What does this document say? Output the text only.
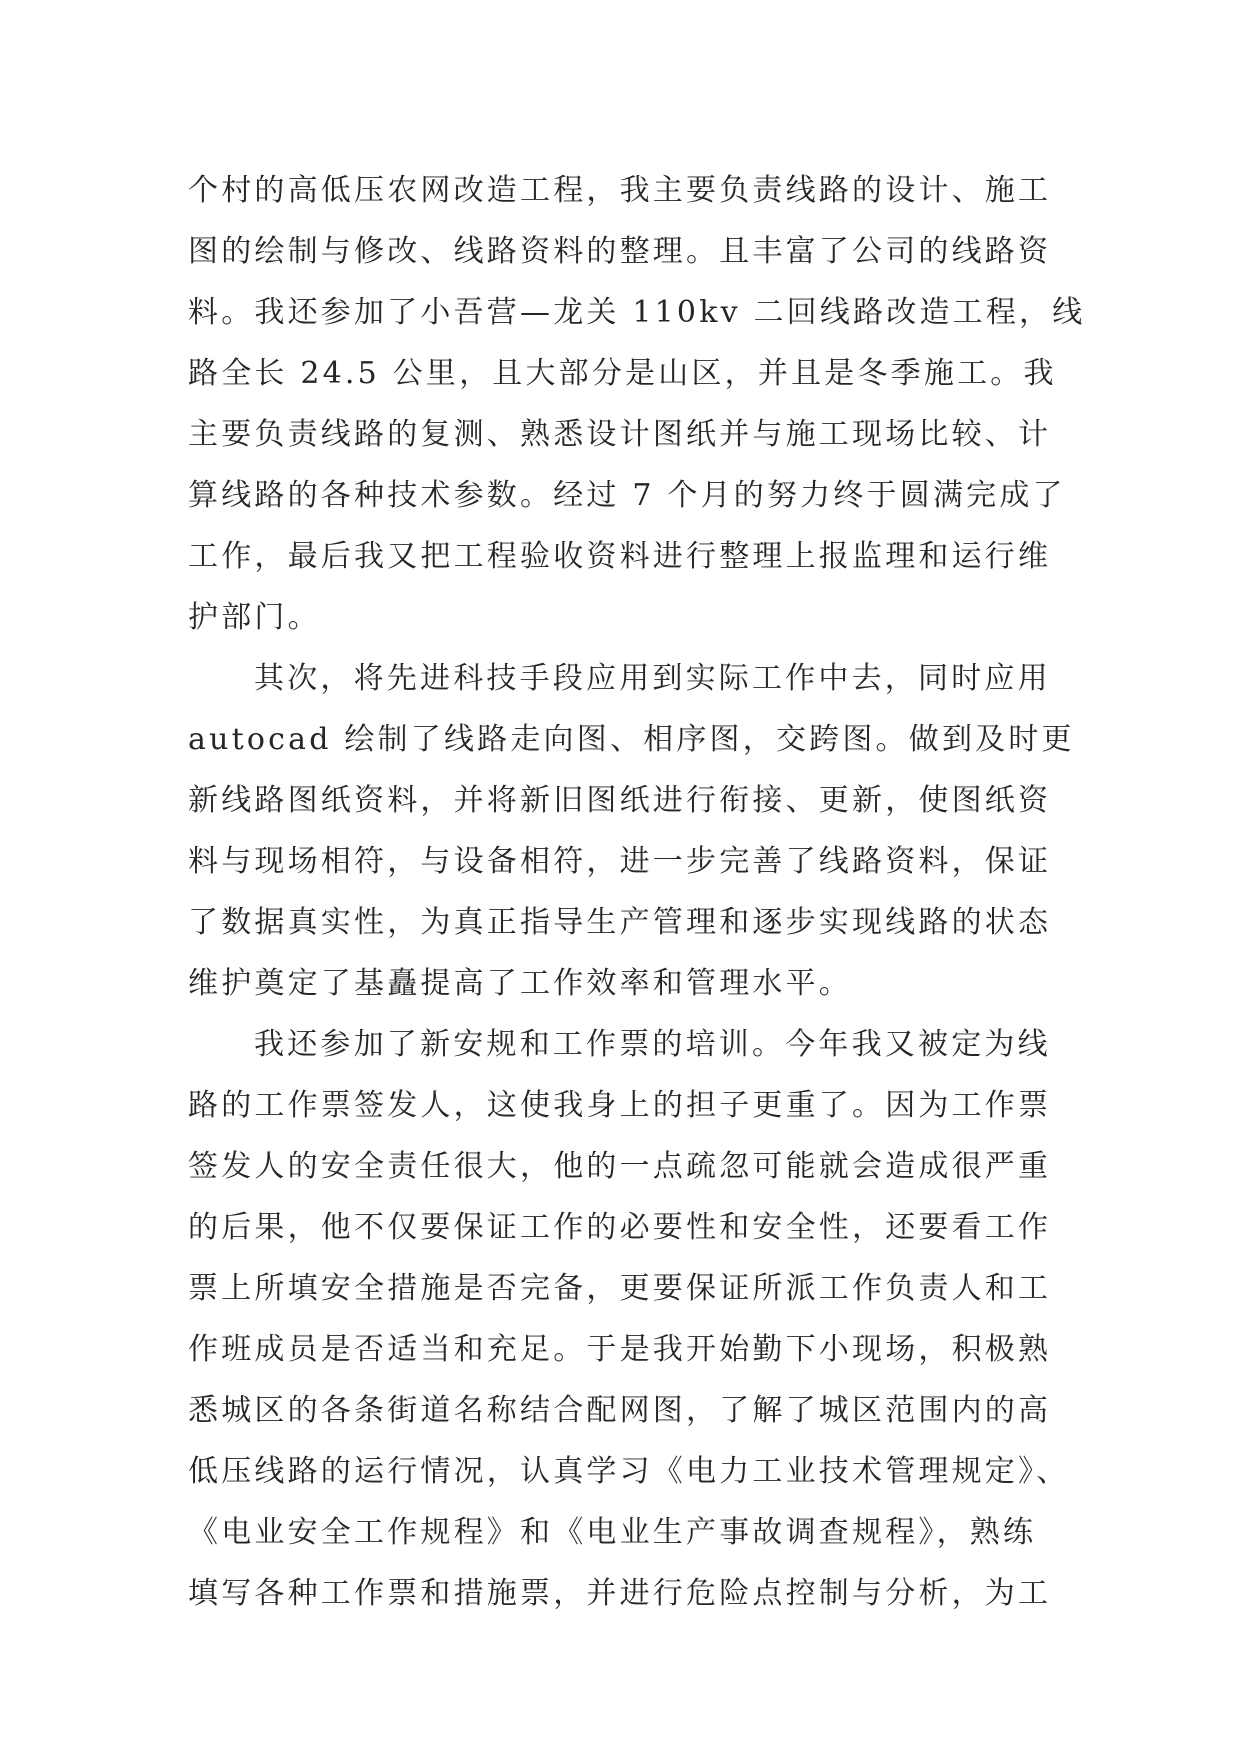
个村的高低压农网改造工程，我主要负责线路的设计、施工
图的绘制与修改、线路资料的整理。且丰富了公司的线路资
料。我还参加了小吾营—龙关 110kv 二回线路改造工程，线
路全长 24.5 公里，且大部分是山区，并且是冬季施工。我
主要负责线路的复测、熟悉设计图纸并与施工现场比较、计
算线路的各种技术参数。经过 7 个月的努力终于圆满完成了
工作，最后我又把工程验收资料进行整理上报监理和运行维
护部门。
其次，将先进科技手段应用到实际工作中去，同时应用
autocad 绘制了线路走向图、相序图，交跨图。做到及时更
新线路图纸资料，并将新旧图纸进行衔接、更新，使图纸资
料与现场相符，与设备相符，进一步完善了线路资料，保证
了数据真实性，为真正指导生产管理和逐步实现线路的状态
维护奠定了基矗提高了工作效率和管理水平。
我还参加了新安规和工作票的培训。今年我又被定为线
路的工作票签发人，这使我身上的担子更重了。因为工作票
签发人的安全责任很大，他的一点疏忽可能就会造成很严重
的后果，他不仅要保证工作的必要性和安全性，还要看工作
票上所填安全措施是否完备，更要保证所派工作负责人和工
作班成员是否适当和充足。于是我开始勤下小现场，积极熟
悉城区的各条街道名称结合配网图，了解了城区范围内的高
低压线路的运行情况，认真学习《电力工业技术管理规定》、
《电业安全工作规程》和《电业生产事故调查规程》，熟练
填写各种工作票和措施票，并进行危险点控制与分析，为工
